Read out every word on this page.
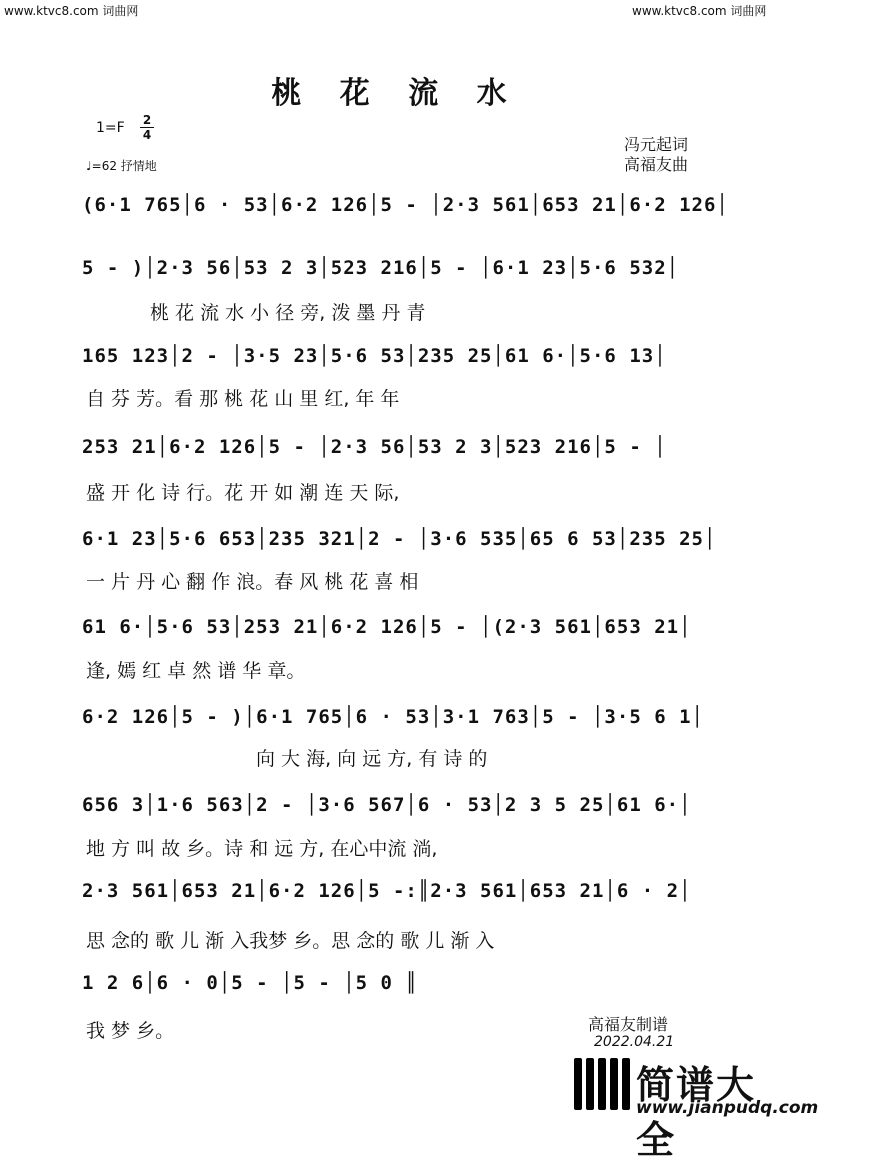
www.ktvc8.com 词曲网	www.ktvc8.com 词曲网
桃 花 流 水
1=F 2
4
♩=62 抒情地
冯元起词
高福友曲
(6·1 765│6 · 53│6·2 126│5 - │2·3 561│653 21│6·2 126│
5 - )│2·3 56│53 2 3│523 216│5 - │6·1 23│5·6 532│
桃 花 流 水 小 径 旁, 泼 墨 丹 青
165 123│2 - │3·5 23│5·6 53│235 25│61 6·│5·6 13│
自 芬 芳。看 那 桃 花 山 里 红, 年 年
253 21│6·2 126│5 - │2·3 56│53 2 3│523 216│5 - │
盛 开 化 诗 行。花 开 如 潮 连 天 际,
6·1 23│5·6 653│235 321│2 - │3·6 535│65 6 53│235 25│
一 片 丹 心 翻 作 浪。春 风 桃 花 喜 相
61 6·│5·6 53│253 21│6·2 126│5 - │(2·3 561│653 21│
逢, 嫣 红 卓 然 谱 华 章。
6·2 126│5 - )│6·1 765│6 · 53│3·1 763│5 - │3·5 6 1│
向 大 海, 向 远 方, 有 诗 的
656 3│1·6 563│2 - │3·6 567│6 · 53│2 3 5 25│61 6·│
地 方 叫 故 乡。诗 和 远 方, 在心中流 淌,
2·3 561│653 21│6·2 126│5 -:║2·3 561│653 21│6 · 2│
思 念的 歌 儿 渐 入我梦 乡。思 念的 歌 儿 渐 入
1 2 6│6 · 0│5 - │5 - │5 0 ║
我 梦 乡。	高福友制谱
2022.04.21
简谱大全
www.jianpudq.com
